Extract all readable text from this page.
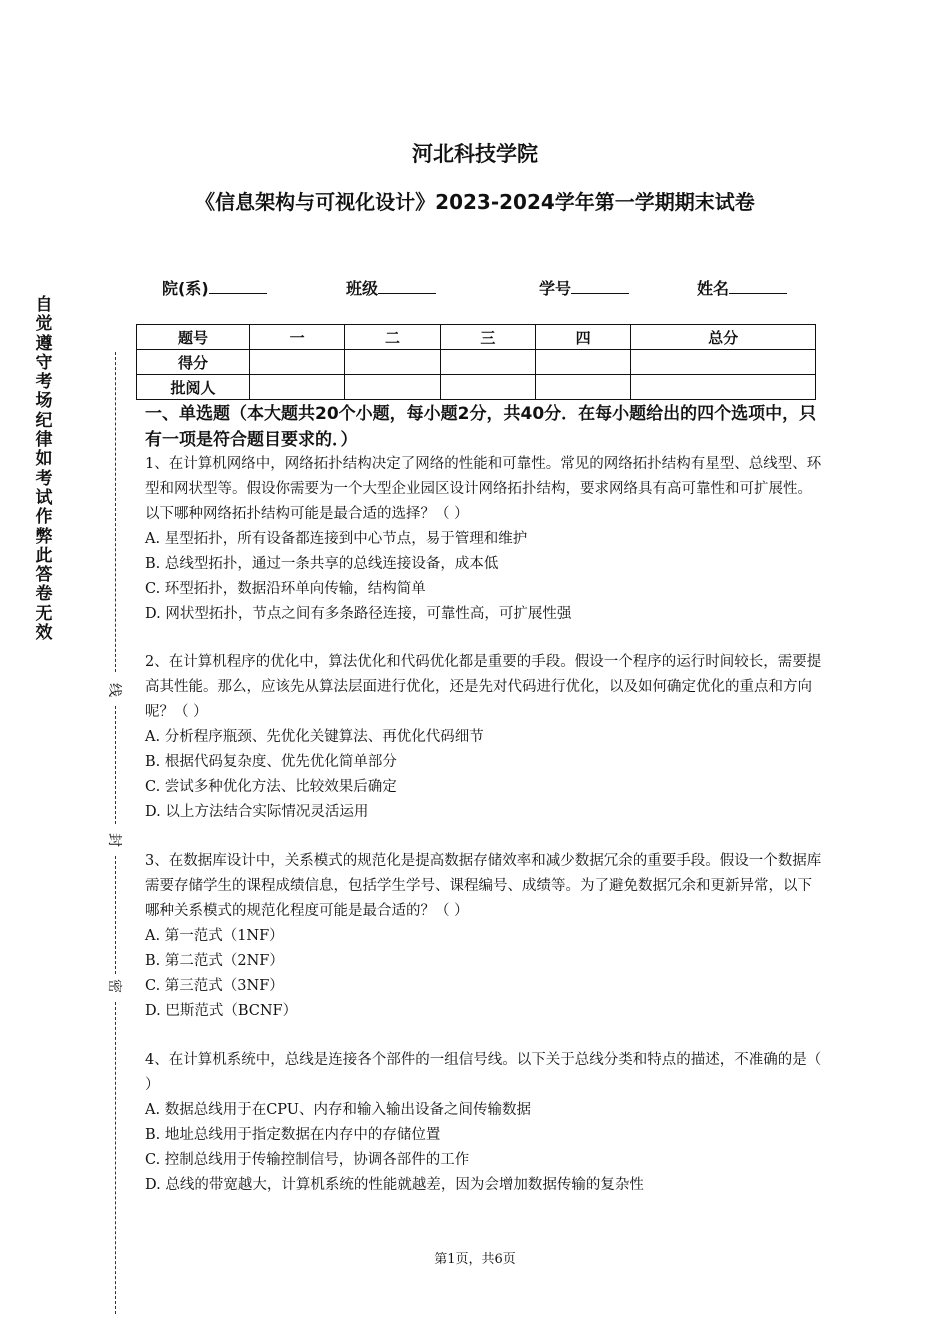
自
觉
遵
守
考
场
纪
律
如
考
试
作
弊
此
答
卷
无
效
线
封
密
河北科技学院
《信息架构与可视化设计》2023-2024学年第一学期期末试卷
院(系)	班级	学号	姓名
题号	一	二	三	四	总分
得分					
批阅人					
一、单选题（本大题共20个小题，每小题2分，共40分．在每小题给出的四个选项中，只有一项是符合题目要求的．）

1、在计算机网络中，网络拓扑结构决定了网络的性能和可靠性。常见的网络拓扑结构有星型、总线型、环型和网状型等。假设你需要为一个大型企业园区设计网络拓扑结构，要求网络具有高可靠性和可扩展性。以下哪种网络拓扑结构可能是最合适的选择？（ ）

A. 星型拓扑，所有设备都连接到中心节点，易于管理和维护

B. 总线型拓扑，通过一条共享的总线连接设备，成本低

C. 环型拓扑，数据沿环单向传输，结构简单

D. 网状型拓扑，节点之间有多条路径连接，可靠性高，可扩展性强

2、在计算机程序的优化中，算法优化和代码优化都是重要的手段。假设一个程序的运行时间较长，需要提高其性能。那么，应该先从算法层面进行优化，还是先对代码进行优化，以及如何确定优化的重点和方向呢？（ ）

A. 分析程序瓶颈、先优化关键算法、再优化代码细节

B. 根据代码复杂度、优先优化简单部分

C. 尝试多种优化方法、比较效果后确定

D. 以上方法结合实际情况灵活运用

3、在数据库设计中，关系模式的规范化是提高数据存储效率和减少数据冗余的重要手段。假设一个数据库需要存储学生的课程成绩信息，包括学生学号、课程编号、成绩等。为了避免数据冗余和更新异常，以下哪种关系模式的规范化程度可能是最合适的？（ ）

A. 第一范式（1NF）

B. 第二范式（2NF）

C. 第三范式（3NF）

D. 巴斯范式（BCNF）

4、在计算机系统中，总线是连接各个部件的一组信号线。以下关于总线分类和特点的描述，不准确的是（ ）

A. 数据总线用于在CPU、内存和输入输出设备之间传输数据

B. 地址总线用于指定数据在内存中的存储位置

C. 控制总线用于传输控制信号，协调各部件的工作

D. 总线的带宽越大，计算机系统的性能就越差，因为会增加数据传输的复杂性

第1页，共6页
